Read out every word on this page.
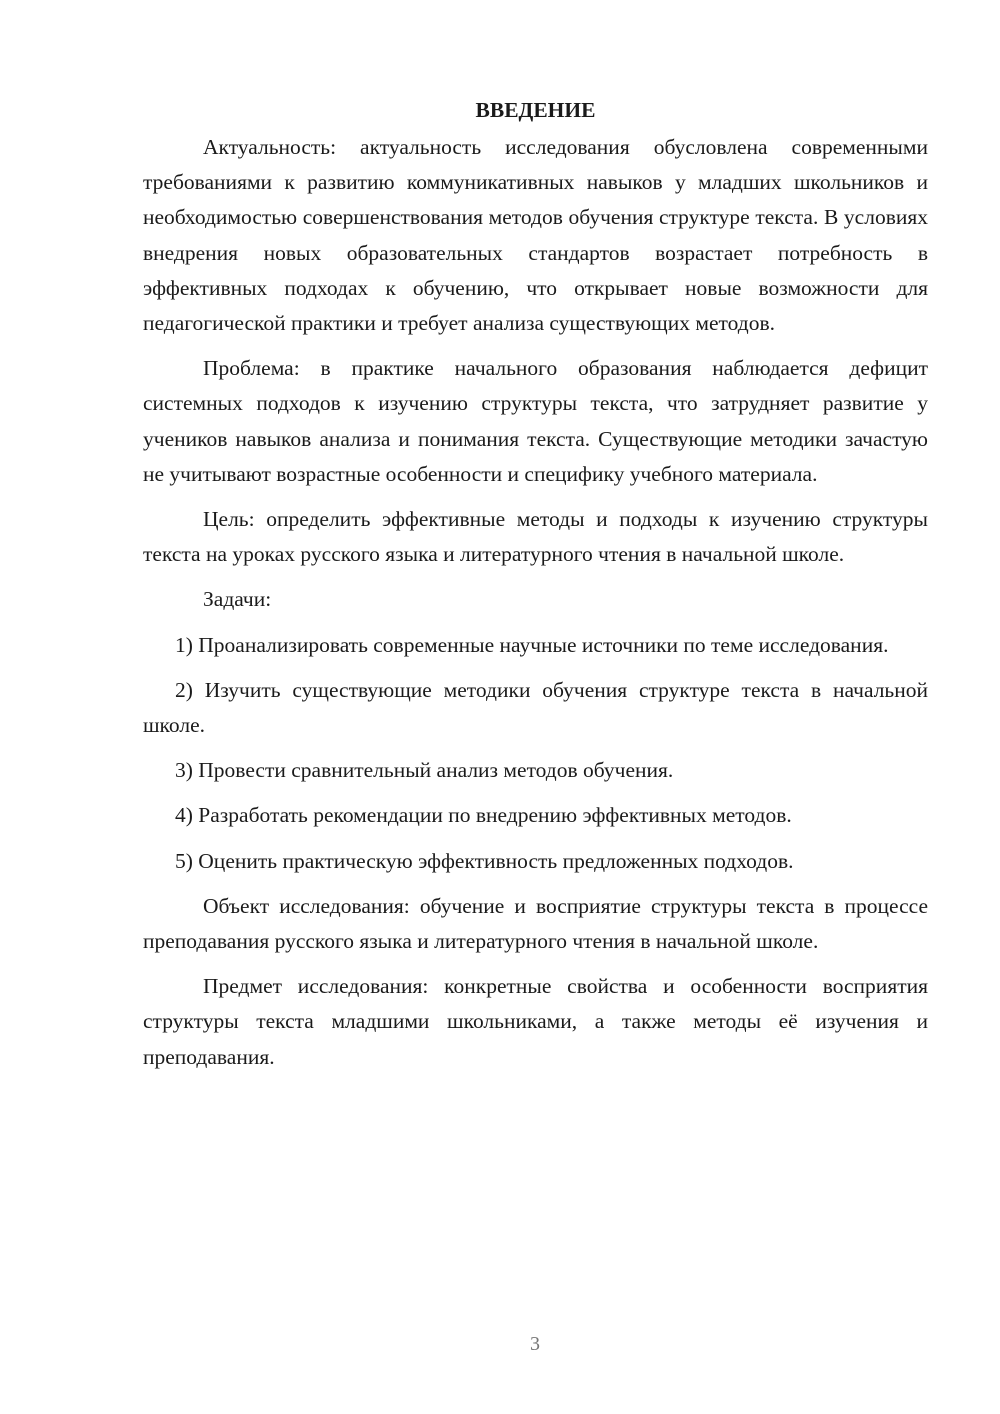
ВВЕДЕНИЕ

Актуальность: актуальность исследования обусловлена современными требованиями к развитию коммуникативных навыков у младших школьников и необходимостью совершенствования методов обучения структуре текста. В условиях внедрения новых образовательных стандартов возрастает потребность в эффективных подходах к обучению, что открывает новые возможности для педагогической практики и требует анализа существующих методов.

Проблема: в практике начального образования наблюдается дефицит системных подходов к изучению структуры текста, что затрудняет развитие у учеников навыков анализа и понимания текста. Существующие методики зачастую не учитывают возрастные особенности и специфику учебного материала.

Цель: определить эффективные методы и подходы к изучению структуры текста на уроках русского языка и литературного чтения в начальной школе.

Задачи:

1) Проанализировать современные научные источники по теме исследования.

2) Изучить существующие методики обучения структуре текста в начальной школе.

3) Провести сравнительный анализ методов обучения.

4) Разработать рекомендации по внедрению эффективных методов.

5) Оценить практическую эффективность предложенных подходов.

Объект исследования: обучение и восприятие структуры текста в процессе преподавания русского языка и литературного чтения в начальной школе.

Предмет исследования: конкретные свойства и особенности восприятия структуры текста младшими школьниками, а также методы её изучения и преподавания.

3
